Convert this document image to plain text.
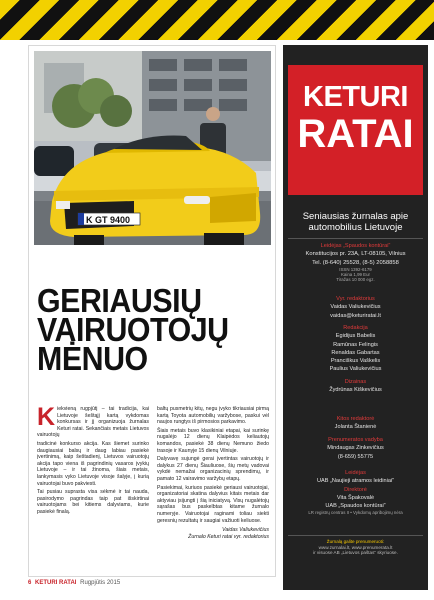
K GT 9400
GERIAUSIŲ
VAIRUOTOJŲ
MĖNUO

Kiekvieną rugpjūtį – tai tradicija, kai Lietuvoje šeštąjį kartą vykdomas konkursas ir jį organizuoja žurnalas Keturi ratai. Sekančiais metais Lietuvos vairuotojų

tradicinė konkurso akcija. Kas šiemet surinko daugiausiai balsų ir daug labiau pasiekė įvertinimą, kaip šeštadienį, Lietuvos vairuotojų akcija tapo viena iš pagrindinių vasaros įvykių Lietuvoje – ir tai žinoma, šiais metais, lankymasis vyko Lietuvoje visoje šalyje, į kurią vairuotojai buvo pakviesti.

Tai pusiau suprasta visa sėkmė ir tai nauda, pasirodymo pagrindas taip pat išskirtinai vairuotojams bei kitiems dalyviams, kurie pasiekė finalą.

baltų pusmetrių kitų, negu įvyko tikriausiai pirmą kartą Toyota automobilių varžybose, paskui vėl naujos rungtys iš pirmosios parkavimo.

Šiais metais buvo klasikiniai etapai, kai surinkę nugalėjo 12 dienų Klaipėdos keliautojų komandos, pasiekė 38 dienų Nemuno žiedo trasoje ir Kaunyje 15 dienų Vilniuje.

Dalyvavę sujungė gerai įvertintas vairuotojų ir dalykus 27 dienų Šiauliuose, šių metų vadovai vykdė nemažai organizacinių sprendimų, ir pamato 12 vairavimo varžybų etapų.

Pasiekimai, kuriuos pasiekė geriausi vairuotojai, organizatoriai skatina dalyvius kitais metais dar aktyviau įsijungti į šią iniciatyvą. Visų nugalėtojų sąrašas bus paskelbtas kitame žurnalo numeryje. Vairuotojai raginami toliau siekti geresnių rezultatų ir saugiai važiuoti keliuose.

Vaidas Valiukevičius
Žurnalo Keturi ratai vyr. redaktorius
KETURI
RATAI
Seniausias žurnalas apie automobilius Lietuvoje
Leidėjas „Spaudos kontūrai“
Konstitucijos pr. 23A, LT-08105, Vilnius
Tel. (8-640) 25528, (8-5) 2058858
ISSN 1392-6179
Kaina 1,99 Eur
Tiražas 10 000 egz.
Vyr. redaktorius
Vaidas Valiukevičius
vaidas@keturiratai.lt
Redakcija
Egidijus Babelis
Ramūnas Felingis
Renaldas Gabartas
Pranciškus Vaškelis
Paulius Valiukevičius
Dizainas
Žydrūnas Kiškevičius
Kitos redaktorė
Jolanta Štanienė
Prenumeratos vadyba
Mindaugas Zinkevičius
(8-659) 55775
Leidėjas
UAB „Naujieji atramos leidiniai“
Direktorė
Vita Špakovalė
UAB „Spaudos kontūrai“
LR registrų centras II • Vykdomų apribojimų nėra
Žurnalą galite prenumeruoti:
www.zurnalai.lt, www.prenumerata.lt
ir visuose AB „Lietuvos paštas“ skyriuose.
6 KETURI RATAI Rugpjūtis 2015
